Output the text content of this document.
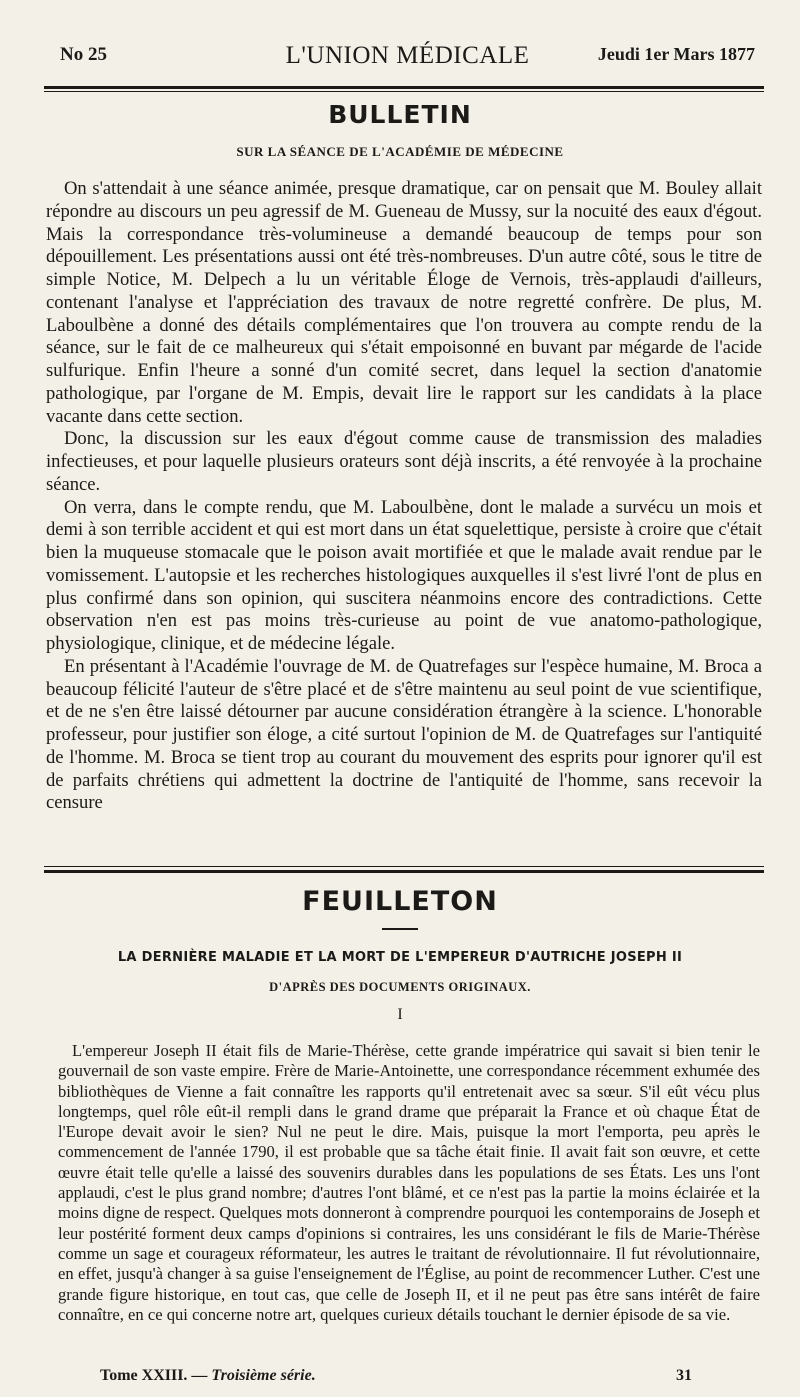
No 25	L'UNION MÉDICALE	Jeudi 1er Mars 1877
BULLETIN
SUR LA SÉANCE DE L'ACADÉMIE DE MÉDECINE

On s'attendait à une séance animée, presque dramatique, car on pensait que M. Bouley allait répondre au discours un peu agressif de M. Gueneau de Mussy, sur la nocuité des eaux d'égout. Mais la correspondance très-volumineuse a demandé beaucoup de temps pour son dépouillement. Les présentations aussi ont été très-nombreuses. D'un autre côté, sous le titre de simple Notice, M. Delpech a lu un véritable Éloge de Vernois, très-applaudi d'ailleurs, contenant l'analyse et l'appréciation des travaux de notre regretté confrère. De plus, M. Laboulbène a donné des détails complémentaires que l'on trouvera au compte rendu de la séance, sur le fait de ce malheureux qui s'était empoisonné en buvant par mégarde de l'acide sulfurique. Enfin l'heure a sonné d'un comité secret, dans lequel la section d'anatomie pathologique, par l'organe de M. Empis, devait lire le rapport sur les candidats à la place vacante dans cette section.

Donc, la discussion sur les eaux d'égout comme cause de transmission des maladies infectieuses, et pour laquelle plusieurs orateurs sont déjà inscrits, a été renvoyée à la prochaine séance.

On verra, dans le compte rendu, que M. Laboulbène, dont le malade a survécu un mois et demi à son terrible accident et qui est mort dans un état squelettique, persiste à croire que c'était bien la muqueuse stomacale que le poison avait mortifiée et que le malade avait rendue par le vomissement. L'autopsie et les recherches histologiques auxquelles il s'est livré l'ont de plus en plus confirmé dans son opinion, qui suscitera néanmoins encore des contradictions. Cette observation n'en est pas moins très-curieuse au point de vue anatomo-pathologique, physiologique, clinique, et de médecine légale.

En présentant à l'Académie l'ouvrage de M. de Quatrefages sur l'espèce humaine, M. Broca a beaucoup félicité l'auteur de s'être placé et de s'être maintenu au seul point de vue scientifique, et de ne s'en être laissé détourner par aucune considération étrangère à la science. L'honorable professeur, pour justifier son éloge, a cité surtout l'opinion de M. de Quatrefages sur l'antiquité de l'homme. M. Broca se tient trop au courant du mouvement des esprits pour ignorer qu'il est de parfaits chrétiens qui admettent la doctrine de l'antiquité de l'homme, sans recevoir la censure

FEUILLETON
LA DERNIÈRE MALADIE ET LA MORT DE L'EMPEREUR D'AUTRICHE JOSEPH II
D'APRÈS DES DOCUMENTS ORIGINAUX.
I

L'empereur Joseph II était fils de Marie-Thérèse, cette grande impératrice qui savait si bien tenir le gouvernail de son vaste empire. Frère de Marie-Antoinette, une correspondance récemment exhumée des bibliothèques de Vienne a fait connaître les rapports qu'il entretenait avec sa sœur. S'il eût vécu plus longtemps, quel rôle eût-il rempli dans le grand drame que préparait la France et où chaque État de l'Europe devait avoir le sien? Nul ne peut le dire. Mais, puisque la mort l'emporta, peu après le commencement de l'année 1790, il est probable que sa tâche était finie. Il avait fait son œuvre, et cette œuvre était telle qu'elle a laissé des souvenirs durables dans les populations de ses États. Les uns l'ont applaudi, c'est le plus grand nombre; d'autres l'ont blâmé, et ce n'est pas la partie la moins éclairée et la moins digne de respect. Quelques mots donneront à comprendre pourquoi les contemporains de Joseph et leur postérité forment deux camps d'opinions si contraires, les uns considérant le fils de Marie-Thérèse comme un sage et courageux réformateur, les autres le traitant de révolutionnaire. Il fut révolutionnaire, en effet, jusqu'à changer à sa guise l'enseignement de l'Église, au point de recommencer Luther. C'est une grande figure historique, en tout cas, que celle de Joseph II, et il ne peut pas être sans intérêt de faire connaître, en ce qui concerne notre art, quelques curieux détails touchant le dernier épisode de sa vie.

Tome XXIII. — Troisième série.	31
